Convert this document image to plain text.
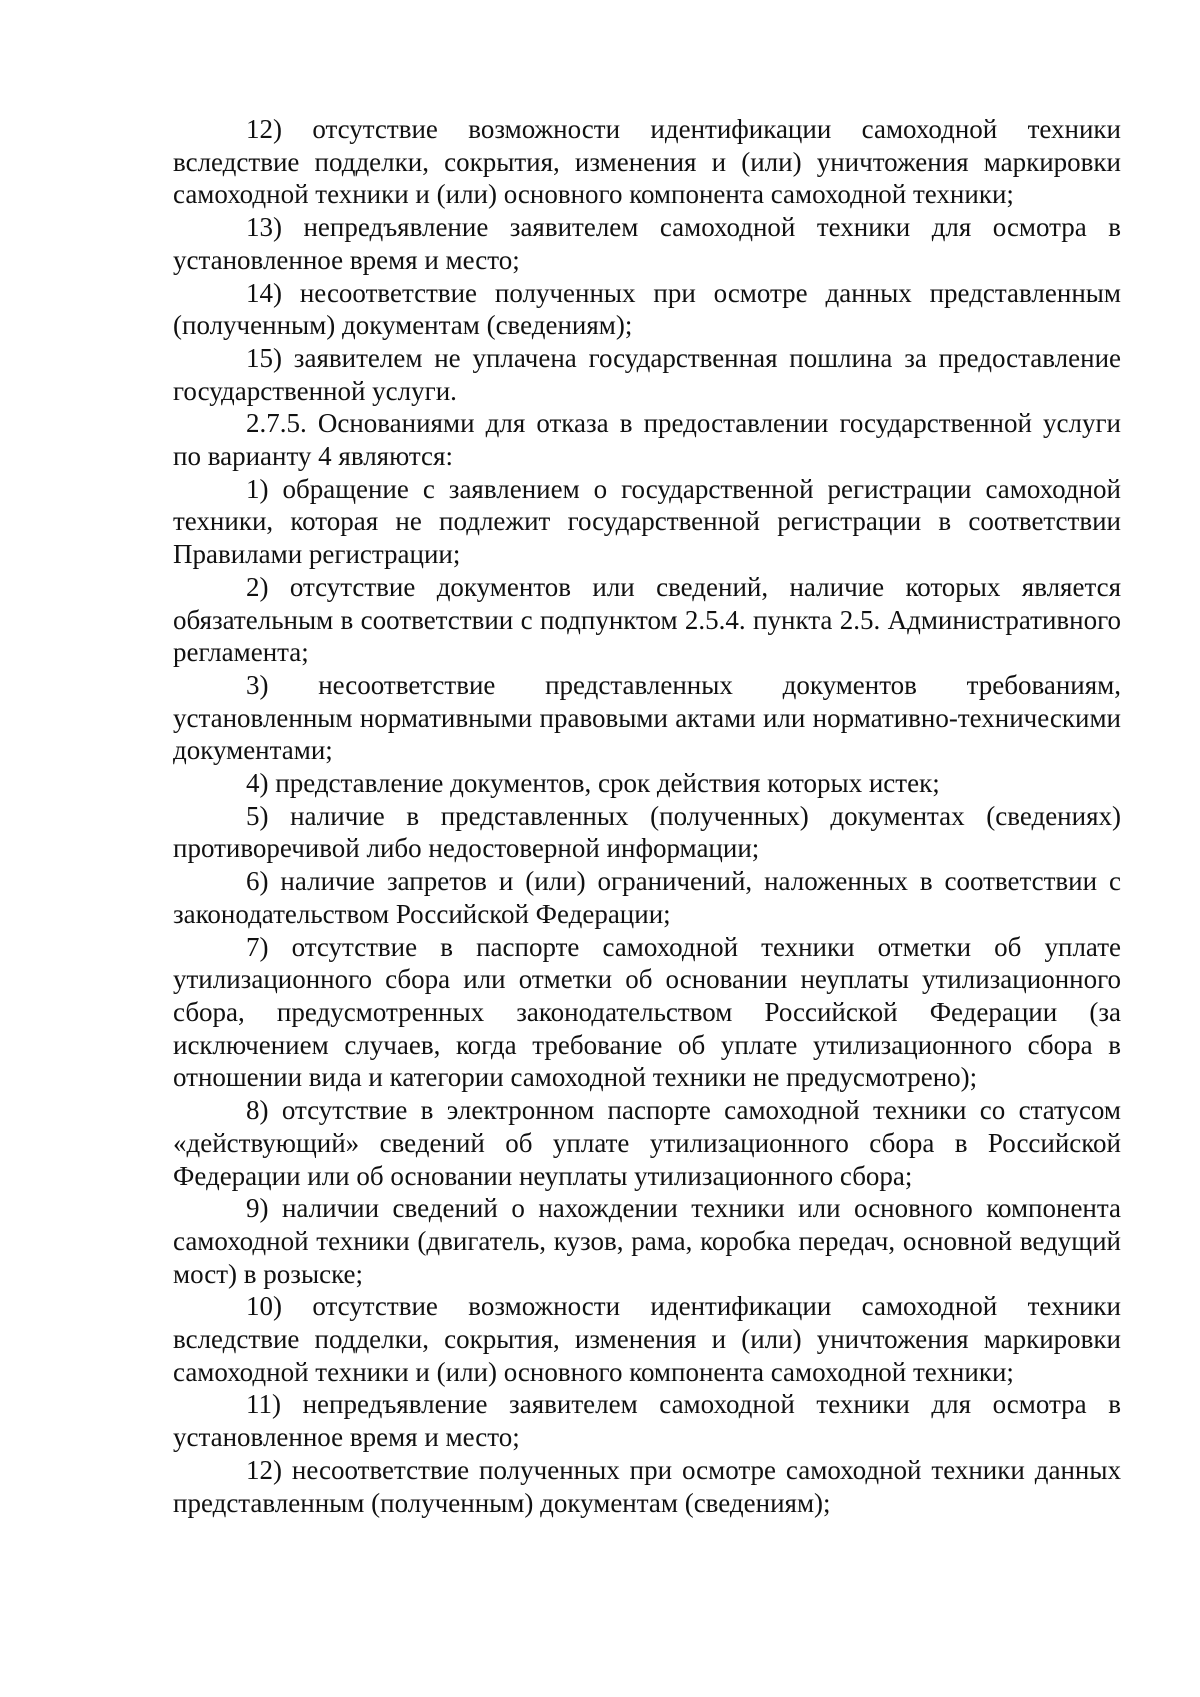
12) отсутствие возможности идентификации самоходной техники вследствие подделки, сокрытия, изменения и (или) уничтожения маркировки самоходной техники и (или) основного компонента самоходной техники;

13) непредъявление заявителем самоходной техники для осмотра в установленное время и место;

14) несоответствие полученных при осмотре данных представленным (полученным) документам (сведениям);

15) заявителем не уплачена государственная пошлина за предоставление государственной услуги.

2.7.5. Основаниями для отказа в предоставлении государственной услуги по варианту 4 являются:

1) обращение с заявлением о государственной регистрации самоходной техники, которая не подлежит государственной регистрации в соответствии Правилами регистрации;

2) отсутствие документов или сведений, наличие которых является обязательным в соответствии с подпунктом 2.5.4. пункта 2.5. Административного регламента;

3) несоответствие представленных документов требованиям, установленным нормативными правовыми актами или нормативно-техническими документами;

4) представление документов, срок действия которых истек;

5) наличие в представленных (полученных) документах (сведениях) противоречивой либо недостоверной информации;

6) наличие запретов и (или) ограничений, наложенных в соответствии с законодательством Российской Федерации;

7) отсутствие в паспорте самоходной техники отметки об уплате утилизационного сбора или отметки об основании неуплаты утилизационного сбора, предусмотренных законодательством Российской Федерации (за исключением случаев, когда требование об уплате утилизационного сбора в отношении вида и категории самоходной техники не предусмотрено);

8) отсутствие в электронном паспорте самоходной техники со статусом «действующий» сведений об уплате утилизационного сбора в Российской Федерации или об основании неуплаты утилизационного сбора;

9) наличии сведений о нахождении техники или основного компонента самоходной техники (двигатель, кузов, рама, коробка передач, основной ведущий мост) в розыске;

10) отсутствие возможности идентификации самоходной техники вследствие подделки, сокрытия, изменения и (или) уничтожения маркировки самоходной техники и (или) основного компонента самоходной техники;

11) непредъявление заявителем самоходной техники для осмотра в установленное время и место;

12) несоответствие полученных при осмотре самоходной техники данных представленным (полученным) документам (сведениям);
